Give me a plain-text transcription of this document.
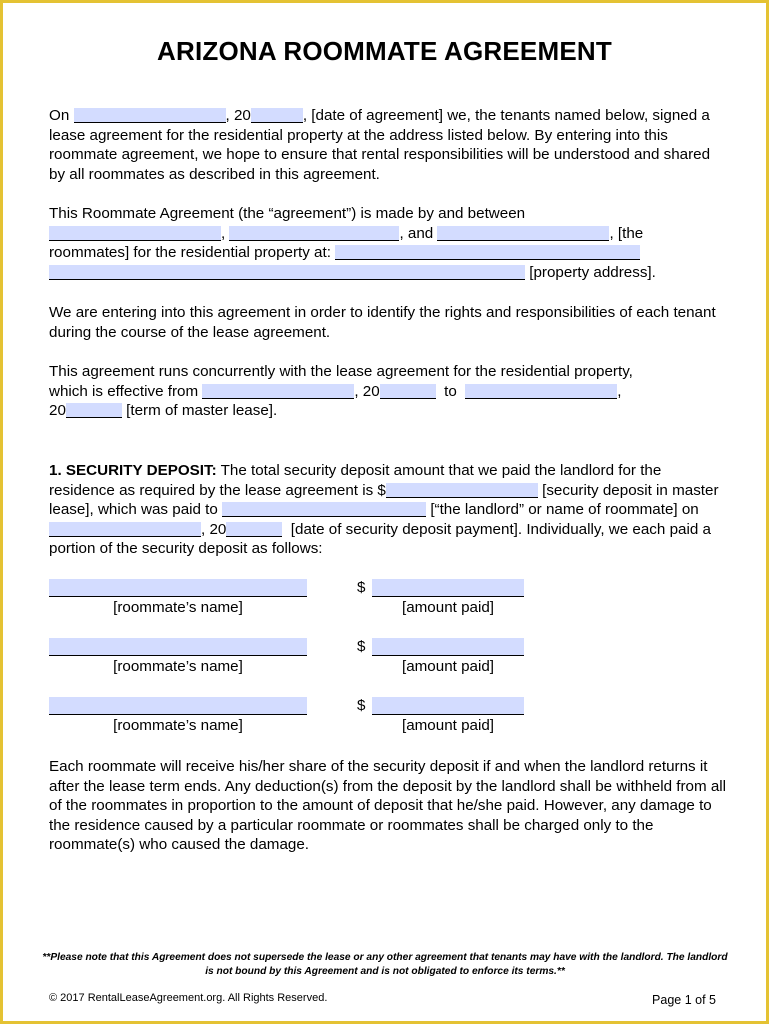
ARIZONA ROOMMATE AGREEMENT

On	, 20	, [date of agreement] we, the tenants named below, signed a lease agreement for the residential property at the address listed below. By entering into this roommate agreement, we hope to ensure that rental responsibilities will be understood and shared by all roommates as described in this agreement.

This Roommate Agreement (the “agreement”) is made by and between
,	, and	, [the
roommates] for the residential property at:
[property address].

We are entering into this agreement in order to identify the rights and responsibilities of each tenant during the course of the lease agreement.

This agreement runs concurrently with the lease agreement for the residential property,
which is effective from	, 20	to	,
20	[term of master lease].
1. SECURITY DEPOSIT: The total security deposit amount that we paid the landlord for the residence as required by the lease agreement is $	[security deposit in master lease], which was paid to	[“the landlord” or name of roommate] on , 20	[date of security deposit payment]. Individually, we each paid a portion of the security deposit as follows:
[roommate’s name]
$
[amount paid]
[roommate’s name]
$
[amount paid]
[roommate’s name]
$
[amount paid]

Each roommate will receive his/her share of the security deposit if and when the landlord returns it after the lease term ends. Any deduction(s) from the deposit by the landlord shall be withheld from all of the roommates in proportion to the amount of deposit that he/she paid. However, any damage to the residence caused by a particular roommate or roommates shall be charged only to the roommate(s) who caused the damage.

**Please note that this Agreement does not supersede the lease or any other agreement that tenants may have with the landlord. The landlord is not bound by this Agreement and is not obligated to enforce its terms.**
© 2017 RentalLeaseAgreement.org. All Rights Reserved.	Page 1 of 5
